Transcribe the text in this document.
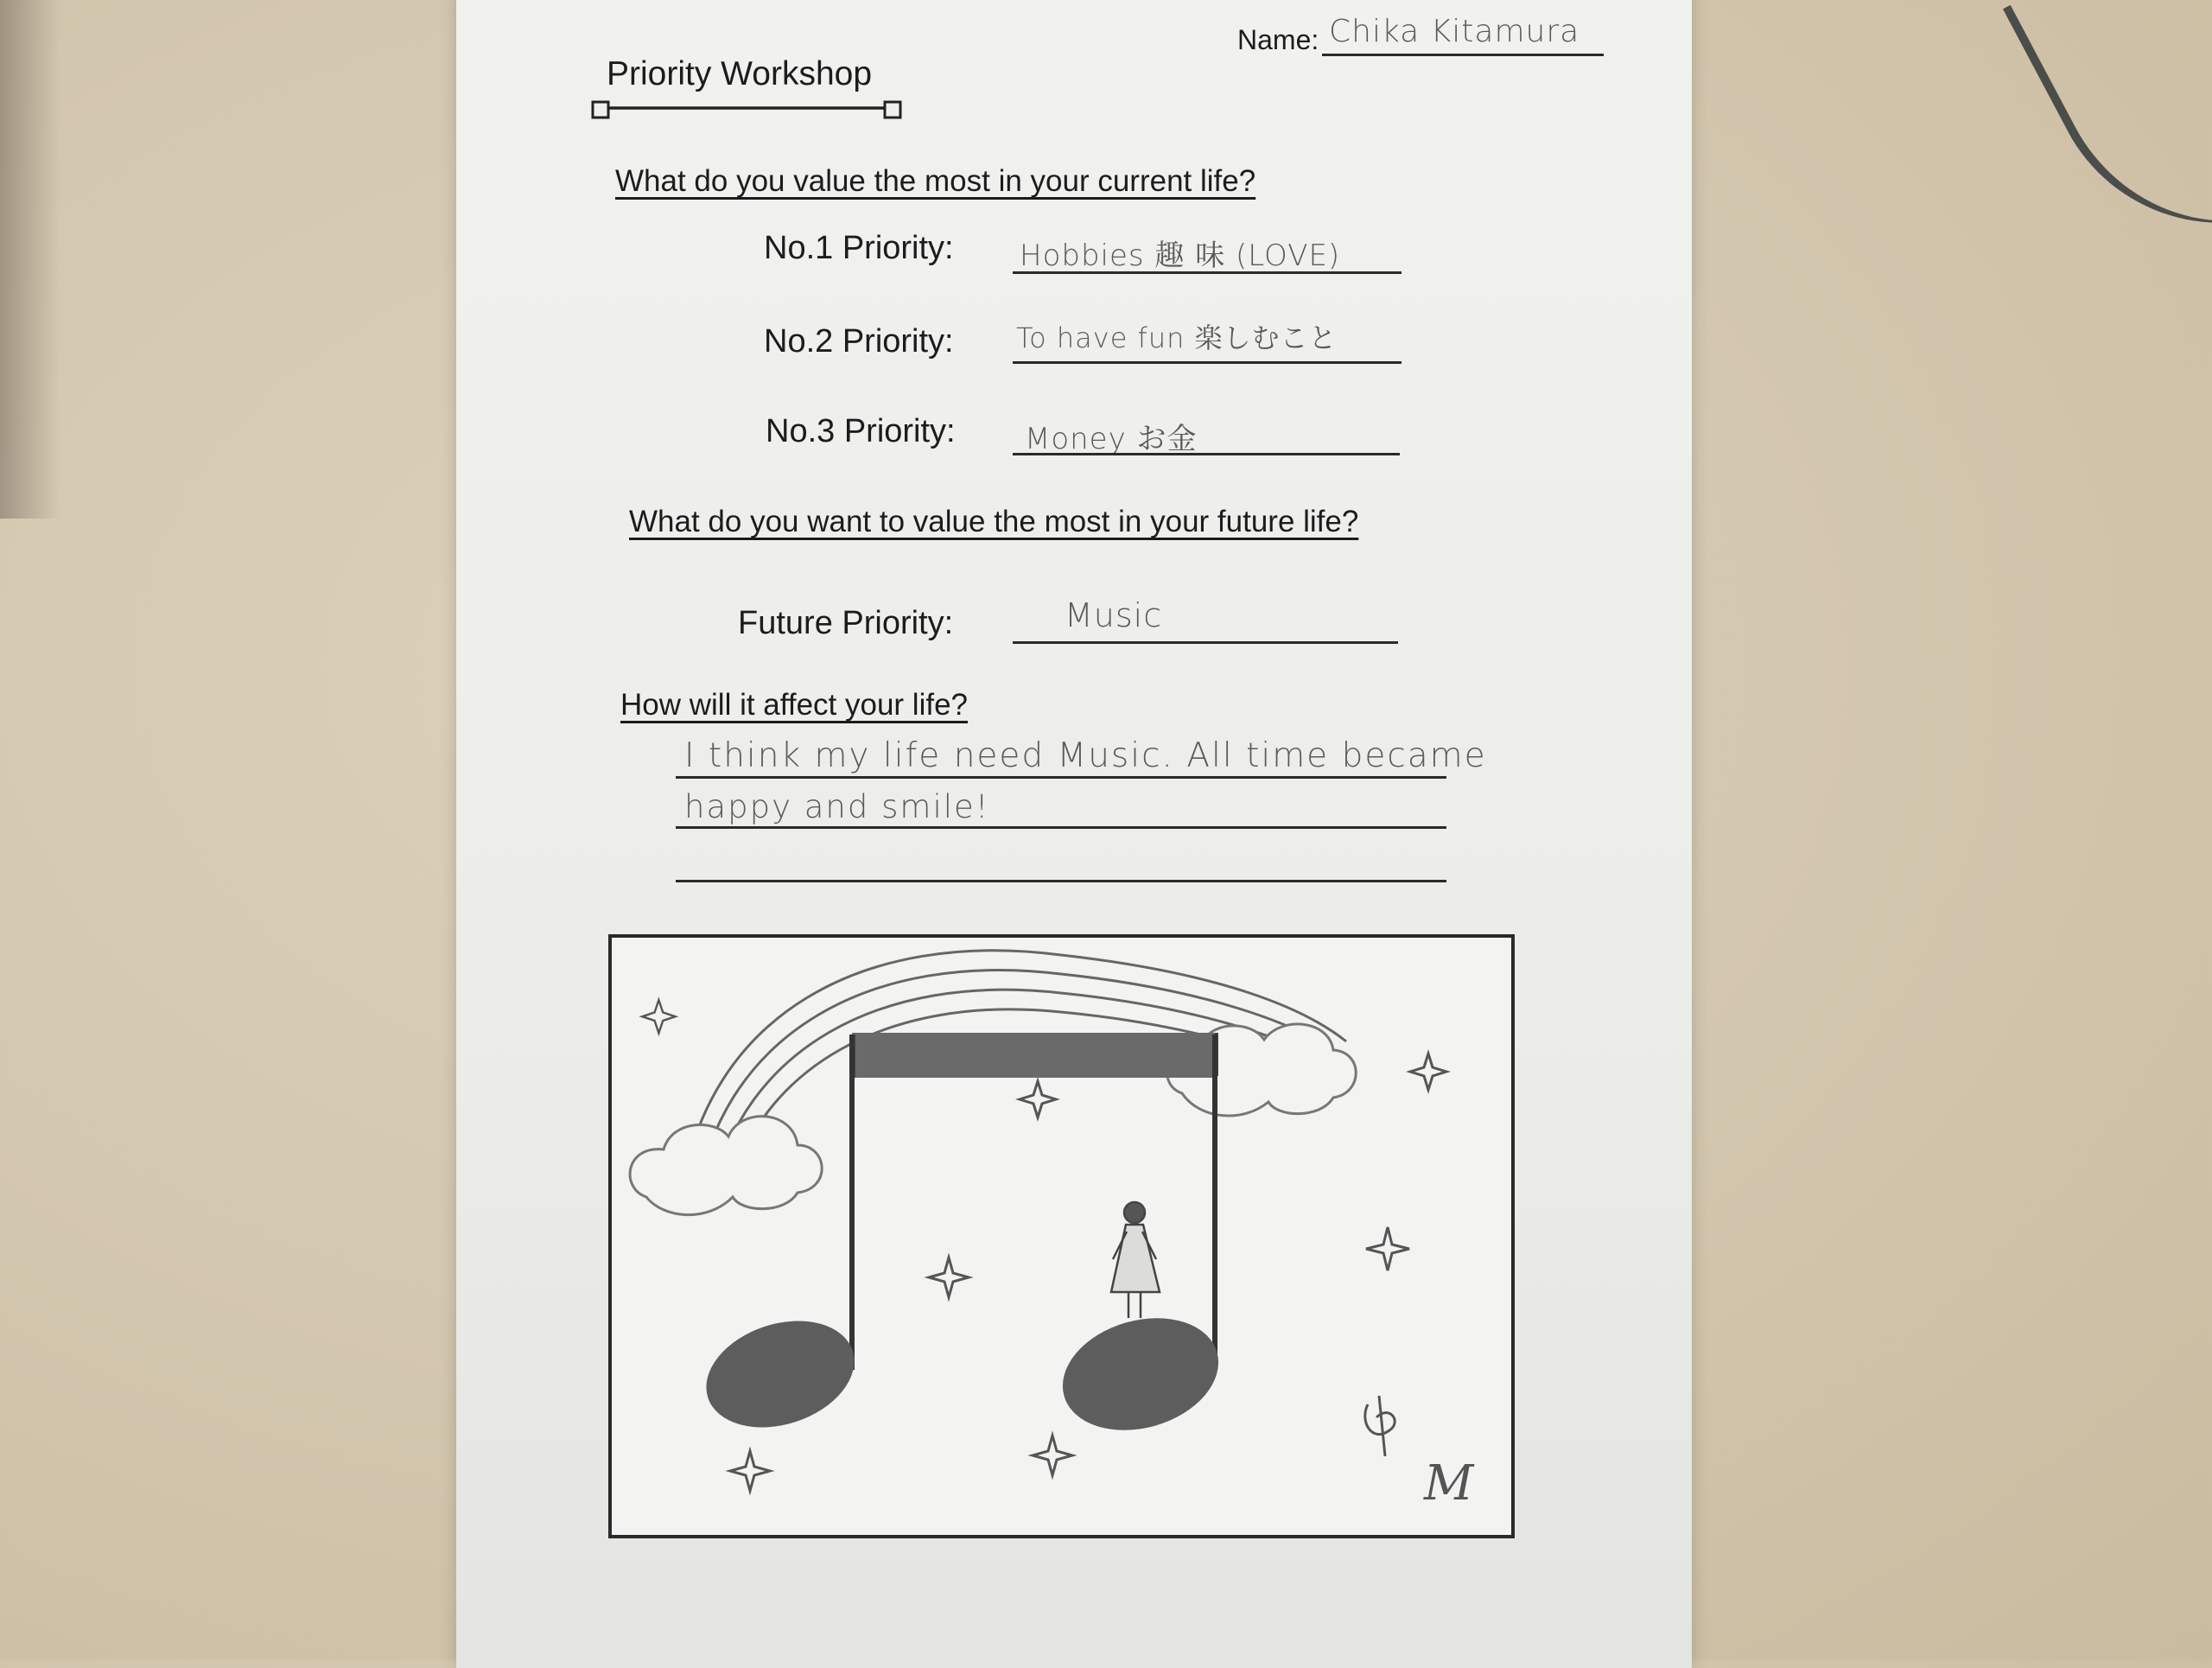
Name: Chika Kitamura
Priority Workshop
What do you value the most in your current life?
No.1 Priority: Hobbies 趣 味 (LOVE)
No.2 Priority: To have fun 楽しむこと
No.3 Priority: Money お金
What do you want to value the most in your future life?
Future Priority:	Music
How will it affect your life?
I think my life need Music. All time became
happy and smile!
M
